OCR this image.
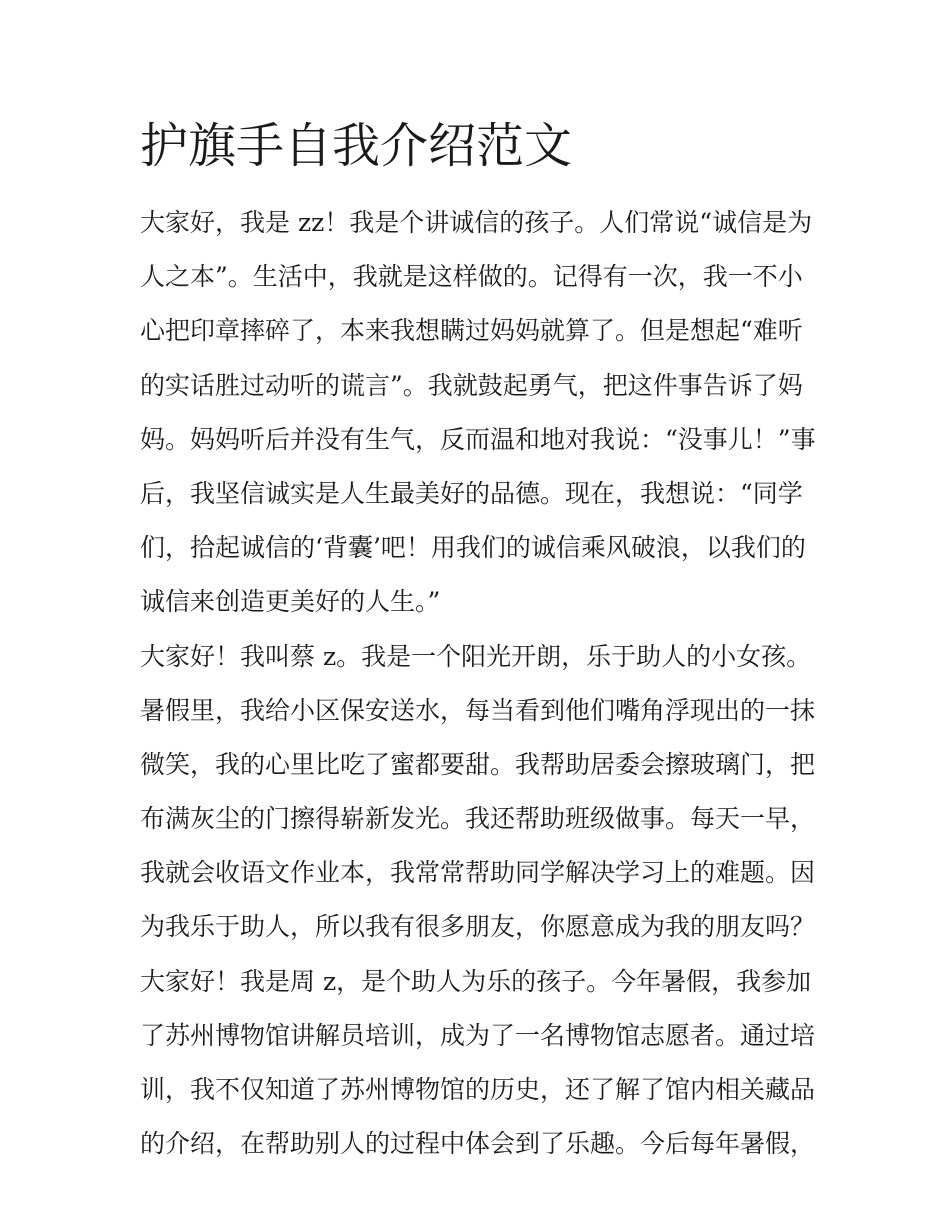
护旗手自我介绍范文
大家好，我是 zz！我是个讲诚信的孩子。人们常说“诚信是为
人之本”。生活中，我就是这样做的。记得有一次，我一不小
心把印章摔碎了，本来我想瞒过妈妈就算了。但是想起“难听
的实话胜过动听的谎言”。我就鼓起勇气，把这件事告诉了妈
妈。妈妈听后并没有生气，反而温和地对我说：“没事儿！”事
后，我坚信诚实是人生最美好的品德。现在，我想说：“同学
们，拾起诚信的‘背囊’吧！用我们的诚信乘风破浪，以我们的
诚信来创造更美好的人生。”
大家好！我叫蔡 z。我是一个阳光开朗，乐于助人的小女孩。
暑假里，我给小区保安送水，每当看到他们嘴角浮现出的一抹
微笑，我的心里比吃了蜜都要甜。我帮助居委会擦玻璃门，把
布满灰尘的门擦得崭新发光。我还帮助班级做事。每天一早，
我就会收语文作业本，我常常帮助同学解决学习上的难题。因
为我乐于助人，所以我有很多朋友，你愿意成为我的朋友吗？
大家好！我是周 z，是个助人为乐的孩子。今年暑假，我参加
了苏州博物馆讲解员培训，成为了一名博物馆志愿者。通过培
训，我不仅知道了苏州博物馆的历史，还了解了馆内相关藏品
的介绍，在帮助别人的过程中体会到了乐趣。今后每年暑假，
